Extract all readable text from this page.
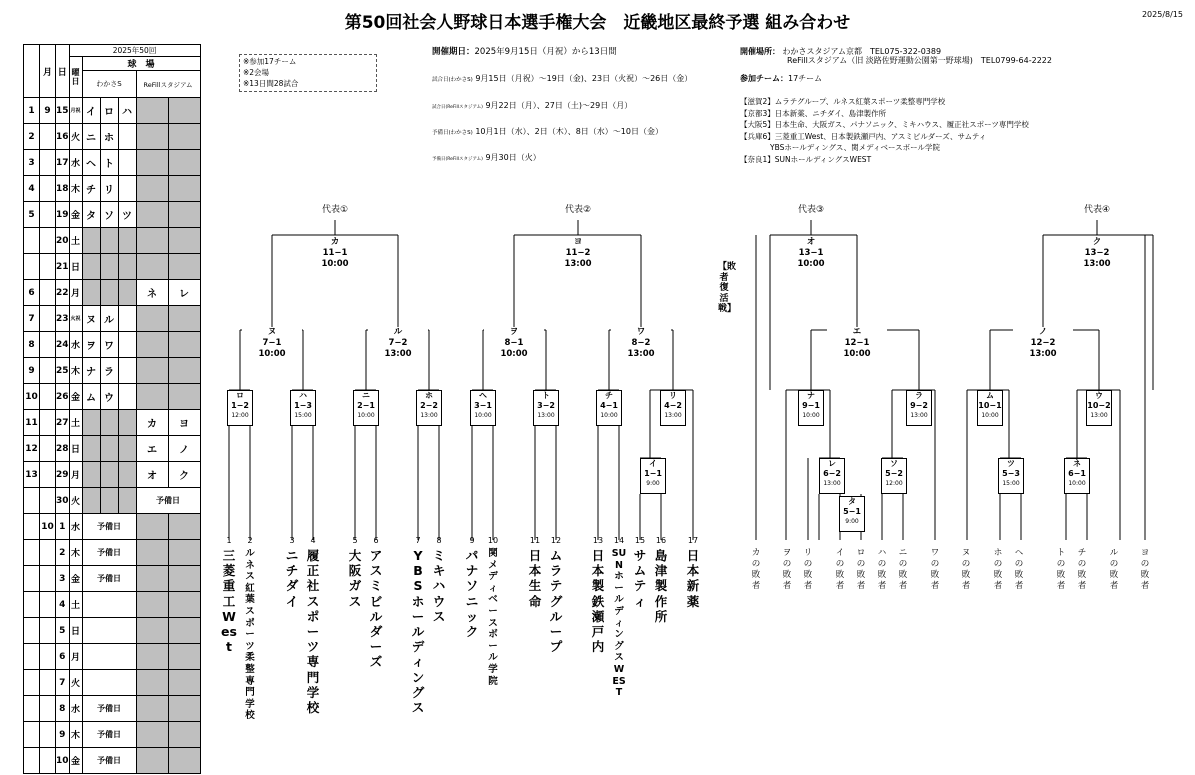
第50回社会人野球日本選手権大会　近畿地区最終予選 組み合わせ	2025/8/15
	月	日	2025年50回					
			曜日	球　場				
				わかさS			ReFillスタジアム	
1	9	15	月祝	イ	ロ	ハ		
2		16	火	ニ	ホ			
3		17	水	ヘ	ト			
4		18	木	チ	リ			
5		19	金	タ	ソ	ツ		
		20	土					
		21	日					
6		22	月				ネ	レ
7		23	火祝	ヌ	ル			
8		24	水	ヲ	ワ			
9		25	木	ナ	ラ			
10		26	金	ム	ウ			
11		27	土				カ	ヨ
12		28	日				エ	ノ
13		29	月				オ	ク
		30	火				予備日	
	10	1	水	予備日				
		2	木	予備日				
		3	金	予備日				
		4	土					
		5	日					
		6	月					
		7	火					
		8	水	予備日				
		9	木	予備日				
		10	金	予備日				
※参加17チーム
※2会場
※13日間28試合
開催期日：2025年9月15日（月祝）から13日間
試合日(わかさS) 9月15日（月祝）～19日（金)、23日（火祝）～26日（金）
試合日(ReFillスタジアム) 9月22日（月）、27日（土)～29日（月）
予備日(わかさS) 10月1日（水）、2日（木）、8日（水）～10日（金）
予備日(ReFillスタジアム) 9月30日（火）
開催場所： わかさスタジアム京都　TEL075-322-0389
ReFillスタジアム（旧 淡路佐野運動公園第一野球場)　TEL0799-64-2222
参加チーム：17チーム
【滋賀2】ムラテグループ、ルネス紅葉スポーツ柔整専門学校
【京都3】日本新薬、ニチダイ、島津製作所
【大阪5】日本生命、大阪ガス、パナソニック、ミキハウス、履正社スポーツ専門学校
【兵庫6】三菱重工West、日本製鉄瀬戸内、アスミビルダーズ、サムティ
　　　　YBSホールディングス、関メディベースボール学院
【奈良1】SUNホールディングスWEST
代表①	代表②	代表③	代表④
カ
11−1
10:00
ヨ
11−2
13:00
オ
13−1
10:00
ク
13−2
13:00
ヌ
7−1
10:00
ル
7−2
13:00
ヲ
8−1
10:00
ワ
8−2
13:00
エ
12−1
10:00
ノ
12−2
13:00
ロ
1−2
12:00
ハ
1−3
15:00
ニ
2−1
10:00
ホ
2−2
13:00
ヘ
3−1
10:00
ト
3−2
13:00
チ
4−1
10:00
リ
4−2
13:00
イ
1−1
9:00
ナ
9−1
10:00
ラ
9−2
13:00
ム
10−1
10:00
ウ
10−2
13:00
レ
6−2
13:00
ソ
5−2
12:00
ツ
5−3
15:00
ネ
6−1
10:00
タ
5−1
9:00
【敗者復活戦】
1
三菱重工West
2
ルネス紅葉スポーツ柔整専門学校
3
ニチダイ
4
履正社スポーツ専門学校
5
大阪ガス
6
アスミビルダーズ
7
YBSホールディングス
8
ミキハウス
9
パナソニック
10
関メディベースボール学院
11
日本生命
12
ムラテグループ
13
日本製鉄瀬戸内
14
SUNホールディングスWEST
15
サムティ
16
島津製作所
17
日本新薬
カの敗者
ヲの敗者
リの敗者
イの敗者
ロの敗者
ハの敗者
ニの敗者
ワの敗者
ヌの敗者
ホの敗者
ヘの敗者
トの敗者
チの敗者
ルの敗者
ヨの敗者
